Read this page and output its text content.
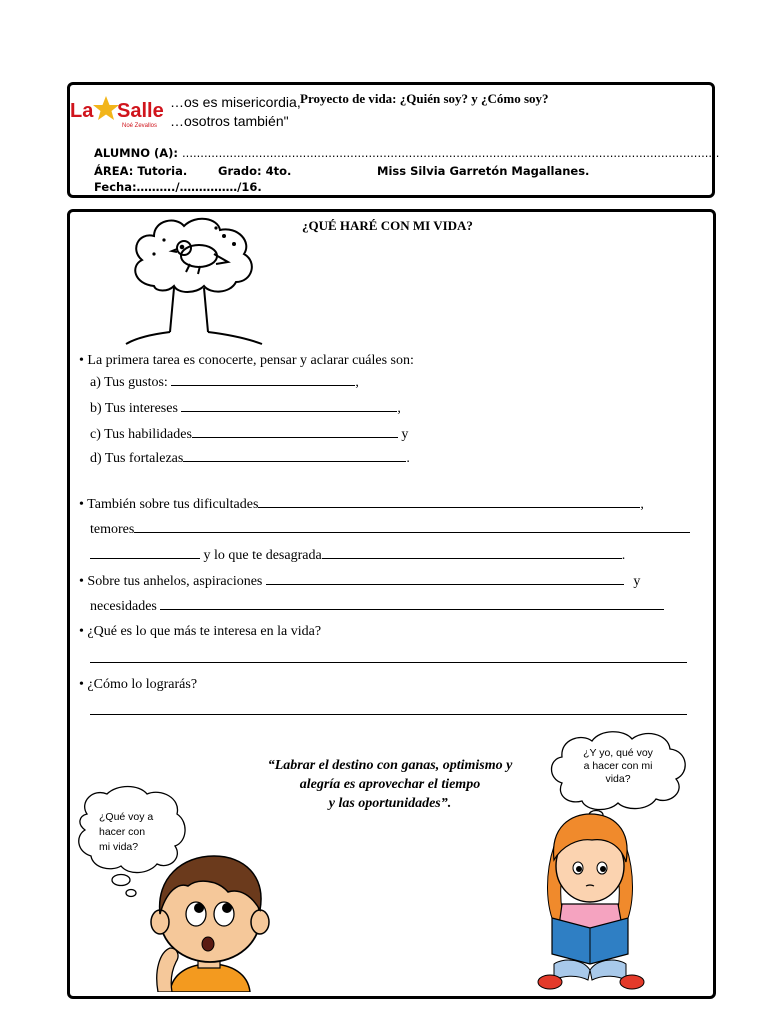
La Salle
Noé Zevallos
…os es misericordia,
…osotros también"
Proyecto de vida: ¿Quién soy? y ¿Cómo soy?
ALUMNO (A): ...................................................................................................................................................
ÁREA: Tutoria.	Grado: 4to.	Miss Silvia Garretón Magallanes.
Fecha:………./……………/16.
¿QUÉ HARÉ CON MI VIDA?
• La primera tarea es conocerte, pensar y aclarar cuáles son:
a) Tus gustos:	,
b) Tus intereses	,
c) Tus habilidades	y
d) Tus fortalezas	.
• También sobre tus dificultades	,
temores
y lo que te desagrada	.
• Sobre tus anhelos, aspiraciones	y
necesidades
• ¿Qué es lo que más te interesa en la vida?
• ¿Cómo lo lograrás?
“Labrar el destino con ganas, optimismo y
alegría es aprovechar el tiempo
y las oportunidades”.
¿Y yo, qué voy
a hacer con mi
vida?
¿Qué voy a
hacer con
mi vida?
